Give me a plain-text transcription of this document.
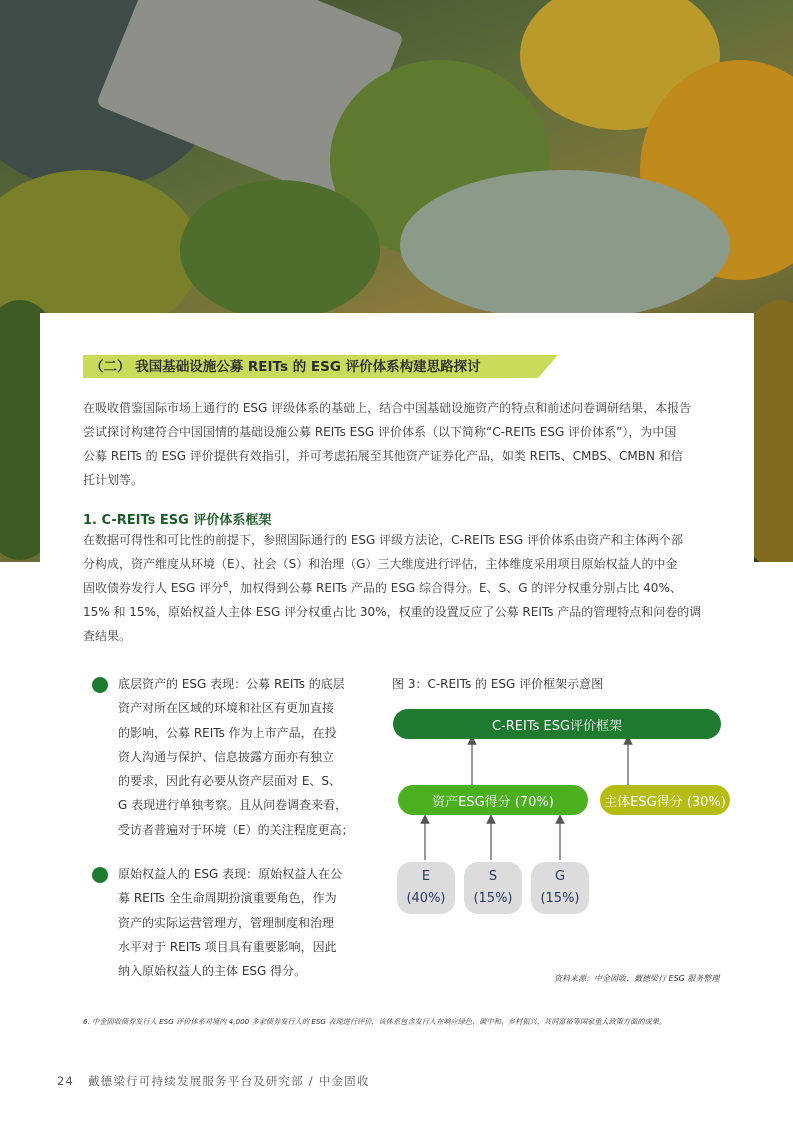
（二） 我国基础设施公募 REITs 的 ESG 评价体系构建思路探讨
在吸收借鉴国际市场上通行的 ESG 评级体系的基础上，结合中国基础设施资产的特点和前述问卷调研结果，本报告
尝试探讨构建符合中国国情的基础设施公募 REITs ESG 评价体系（以下简称“C-REITs ESG 评价体系”），为中国
公募 REITs 的 ESG 评价提供有效指引，并可考虑拓展至其他资产证券化产品，如类 REITs、CMBS、CMBN 和信
托计划等。
1. C-REITs ESG 评价体系框架
在数据可得性和可比性的前提下，参照国际通行的 ESG 评级方法论，C-REITs ESG 评价体系由资产和主体两个部
分构成，资产维度从环境（E）、社会（S）和治理（G）三大维度进行评估，主体维度采用项目原始权益人的中金
固收债券发行人 ESG 评分$^6$，加权得到公募 REITs 产品的 ESG 综合得分。E、S、G 的评分权重分别占比 40%、
15% 和 15%，原始权益人主体 ESG 评分权重占比 30%，权重的设置反应了公募 REITs 产品的管理特点和问卷的调
查结果。
底层资产的 ESG 表现：公募 REITs 的底层
资产对所在区域的环境和社区有更加直接
的影响，公募 REITs 作为上市产品，在投
资人沟通与保护、信息披露方面亦有独立
的要求，因此有必要从资产层面对 E、S、
G 表现进行单独考察。且从问卷调查来看，
受访者普遍对于环境（E）的关注程度更高；
原始权益人的 ESG 表现：原始权益人在公
募 REITs 全生命周期扮演重要角色，作为
资产的实际运营管理方，管理制度和治理
水平对于 REITs 项目具有重要影响，因此
纳入原始权益人的主体 ESG 得分。
图 3：C-REITs 的 ESG 评价框架示意图
C-REITs ESG评价框架
资产ESG得分 (70%)	主体ESG得分 (30%)
E
(40%)
S
(15%)
G
(15%)
资料来源：中金固收、戴德梁行 ESG 服务整理
6. 中金固收债券发行人 ESG 评价体系对境内 4,000 多家债券发行人的 ESG 表现进行评价，该体系包含发行人在响应绿色、碳中和、乡村振兴、共同富裕等国家重大政策方面的成果。
24 戴德梁行可持续发展服务平台及研究部 / 中金固收
